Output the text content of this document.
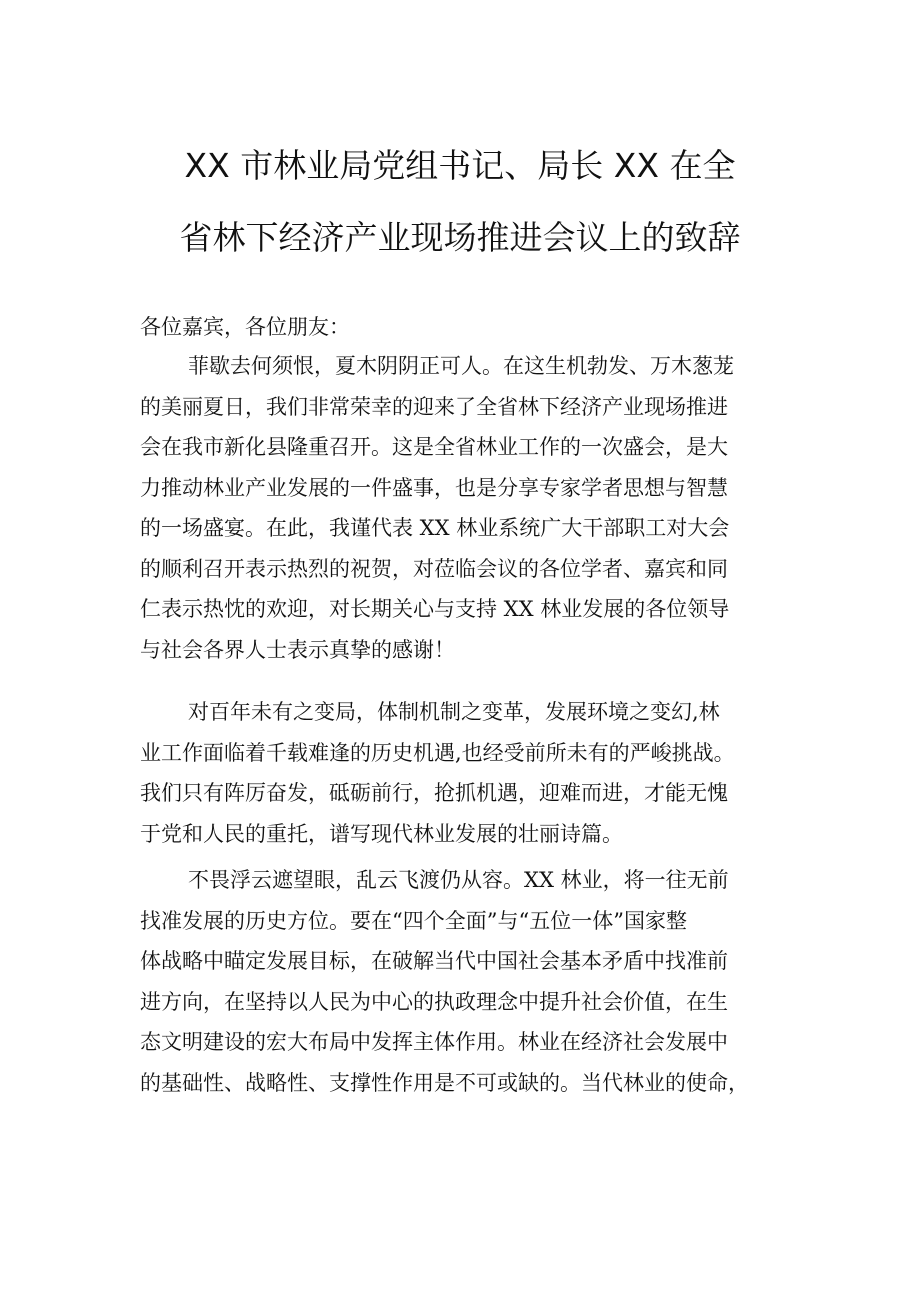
XX 市林业局党组书记、局长 XX 在全
省林下经济产业现场推进会议上的致辞
各位嘉宾，各位朋友：
菲歇去何须恨，夏木阴阴正可人。在这生机勃发、万木葱茏
的美丽夏日，我们非常荣幸的迎来了全省林下经济产业现场推进
会在我市新化县隆重召开。这是全省林业工作的一次盛会，是大
力推动林业产业发展的一件盛事，也是分享专家学者思想与智慧
的一场盛宴。在此，我谨代表 XX 林业系统广大干部职工对大会
的顺利召开表示热烈的祝贺，对莅临会议的各位学者、嘉宾和同
仁表示热忱的欢迎，对长期关心与支持 XX 林业发展的各位领导
与社会各界人士表示真挚的感谢！
对百年未有之变局，体制机制之变革，发展环境之变幻,林
业工作面临着千载难逢的历史机遇,也经受前所未有的严峻挑战。
我们只有阵厉奋发，砥砺前行，抢抓机遇，迎难而进，才能无愧
于党和人民的重托，谱写现代林业发展的壮丽诗篇。
不畏浮云遮望眼，乱云飞渡仍从容。XX 林业，将一往无前
找准发展的历史方位。要在“四个全面”与“五位一体”国家整
体战略中瞄定发展目标，在破解当代中国社会基本矛盾中找准前
进方向，在坚持以人民为中心的执政理念中提升社会价值，在生
态文明建设的宏大布局中发挥主体作用。林业在经济社会发展中
的基础性、战略性、支撑性作用是不可或缺的。当代林业的使命，
